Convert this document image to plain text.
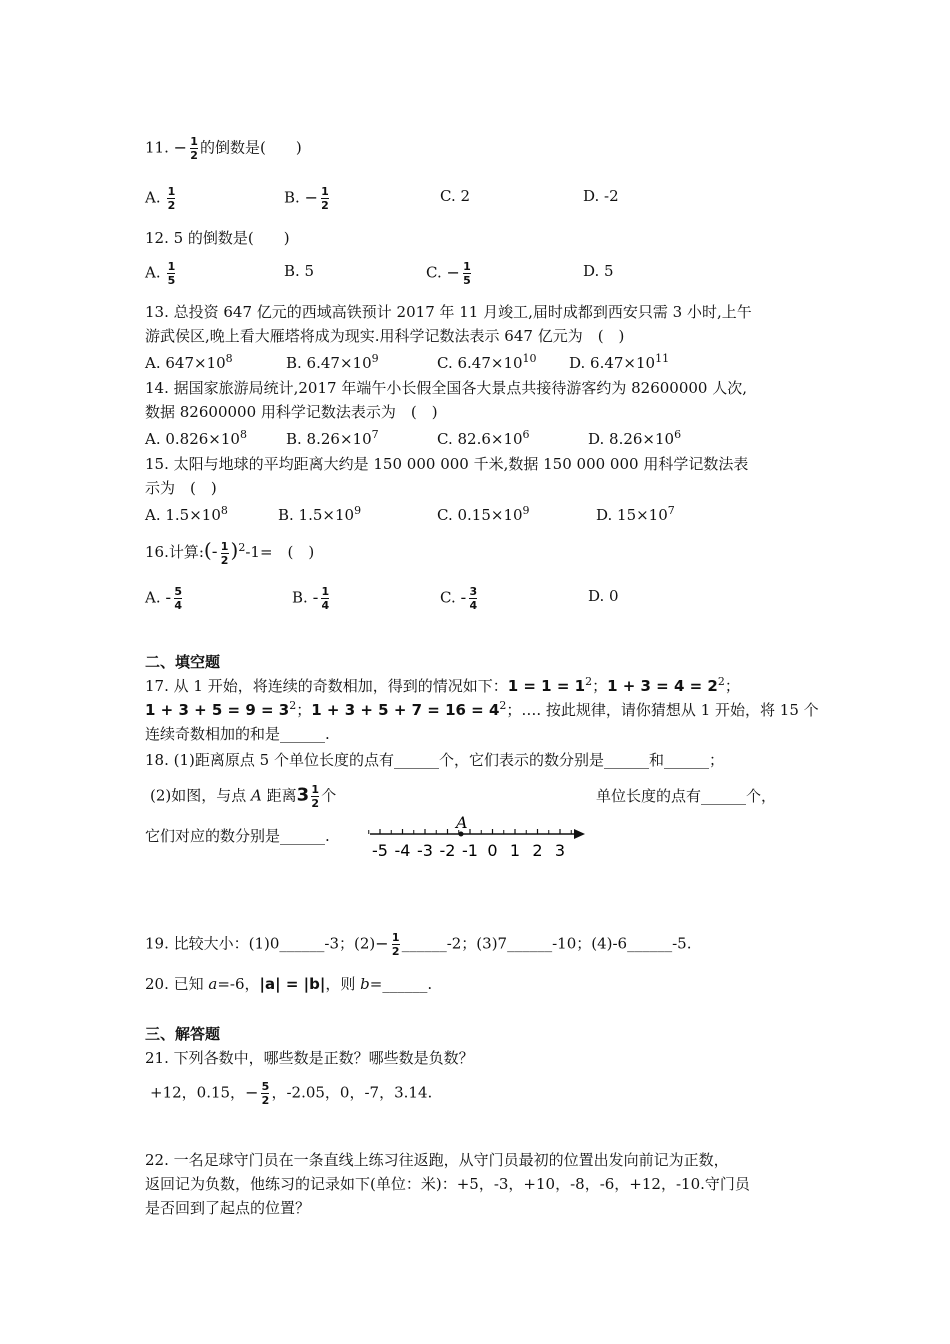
11. − $\frac{1}{2}$ 的倒数是(　　)
A. $\frac{1}{2}$	B. − $\frac{1}{2}$	C. 2	D. -2
12. 5 的倒数是(　　)
A. $\frac{1}{5}$	B. 5	C. − $\frac{1}{5}$	D. 5
13. 总投资 647 亿元的西域高铁预计 2017 年 11 月竣工,届时成都到西安只需 3 小时,上午
游武侯区,晚上看大雁塔将成为现实.用科学记数法表示 647 亿元为　(　)
A. $647\times 10^8$	B. $6.47\times 10^9$	C. $6.47\times 10^{10}$ D. $6.47\times 10^{11}$
14. 据国家旅游局统计,2017 年端午小长假全国各大景点共接待游客约为 82600000 人次,
数据 82600000 用科学记数法表示为　(　)
A. $0.826\times 10^8$	B. $8.26\times 10^7$	C. $82.6\times 10^6$	D. $8.26\times 10^6$
15. 太阳与地球的平均距离大约是 150 000 000 千米,数据 150 000 000 用科学记数法表
示为　(　)
A. $1.5\times 10^8$	B. $1.5\times 10^9$	C. $0.15\times 10^9$	D. $15\times 10^7$
16.计算:(- $\frac{1}{2} )^2-1=$　(　)
A. - $\frac{5}{4}$	B. - $\frac{1}{4}$	C. - $\frac{3}{4}$	D. 0
二、填空题
17. 从 1 开始，将连续的奇数相加，得到的情况如下：$1 = 1 = 1^2$；$1 + 3 = 4 = 2^2$；
$1 + 3 + 5 = 9 = 3^2$；$1 + 3 + 5 + 7 = 16 = 4^2$；…. 按此规律，请你猜想从 1 开始，将 15 个
连续奇数相加的和是______.
18. (1)距离原点 5 个单位长度的点有______个，它们表示的数分别是______和______；
(2)如图，与点 A 距离$3 \frac{1}{2}$ 个	单位长度的点有______个，
它们对应的数分别是______.
-5 -4 -3 -2 -1 0 1 2 3
A
19. 比较大小：(1)0______-3；$(2)- \frac{1}{2}$ ______-2；(3)7______-10；(4)-6______-5.
20. 已知 a=-6，|a| = |b|，则 b=______.
三、解答题
21. 下列各数中，哪些数是正数？哪些数是负数？
+12，0.15，− $\frac{5}{2}$ ，-2.05，0，-7，3.14.
22. 一名足球守门员在一条直线上练习往返跑，从守门员最初的位置出发向前记为正数，
返回记为负数，他练习的记录如下(单位：米)：+5，-3，+10，-8，-6，+12，-10.守门员
是否回到了起点的位置？
